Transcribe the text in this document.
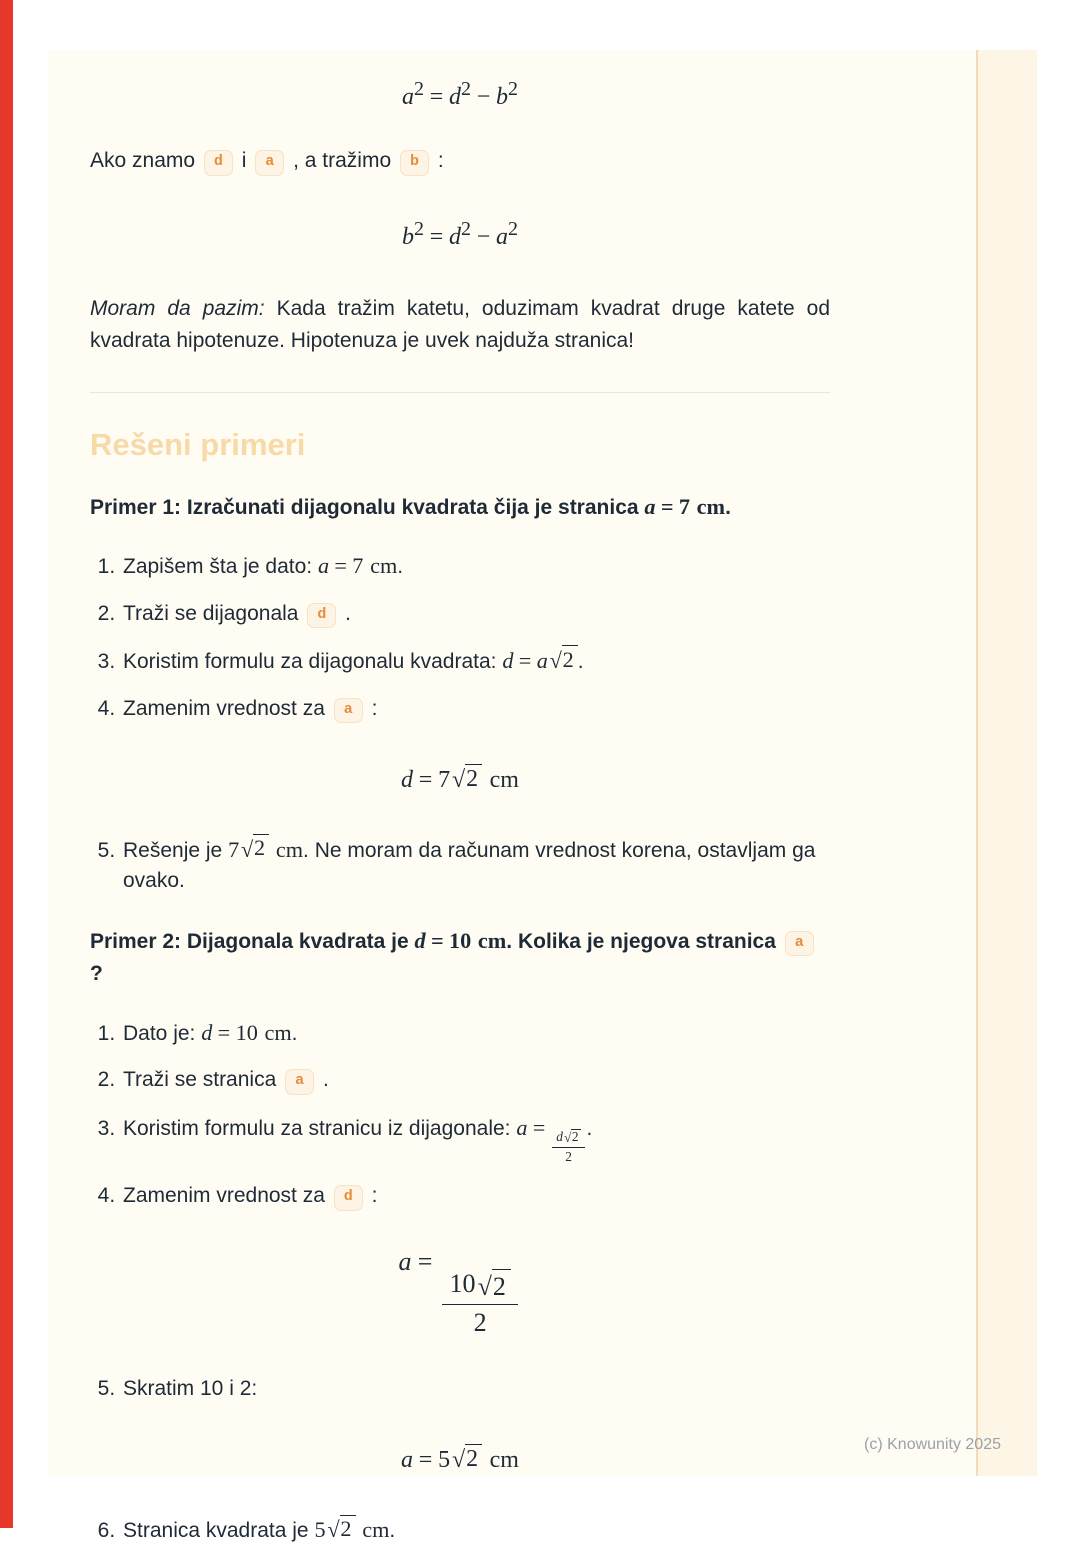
$a^2 = d^2 - b^2$

Ako znamo d i a , a tražimo b :

$b^2 = d^2 - a^2$

Moram da pazim: Kada tražim katetu, oduzimam kvadrat druge katete od kvadrata hipotenuze. Hipotenuza je uvek najduža stranica!

Rešeni primeri

Primer 1: Izračunati dijagonalu kvadrata čija je stranica a = 7 cm.

1. Zapišem šta je dato: a = 7 cm.
2. Traži se dijagonala d .
3. Koristim formulu za dijagonalu kvadrata: d = a √ 2 .
4. Zamenim vrednost za a :
d = 7 √ 2 cm
5. Rešenje je 7 √ 2 cm. Ne moram da računam vrednost korena, ostavljam ga ovako.

Primer 2: Dijagonala kvadrata je d = 10 cm. Kolika je njegova stranica a ?

1. Dato je: d = 10 cm.
2. Traži se stranica a .
3. Koristim formulu za stranicu iz dijagonale: a =
$\frac{d √ 2}{2}$
.
4. Zamenim vrednost za d :
a =
$\frac{10 √ 2}{2}$
5. Skratim 10 i 2:
a = 5 √ 2 cm
6. Stranica kvadrata je 5 √ 2 cm.
(c) Knowunity 2025
